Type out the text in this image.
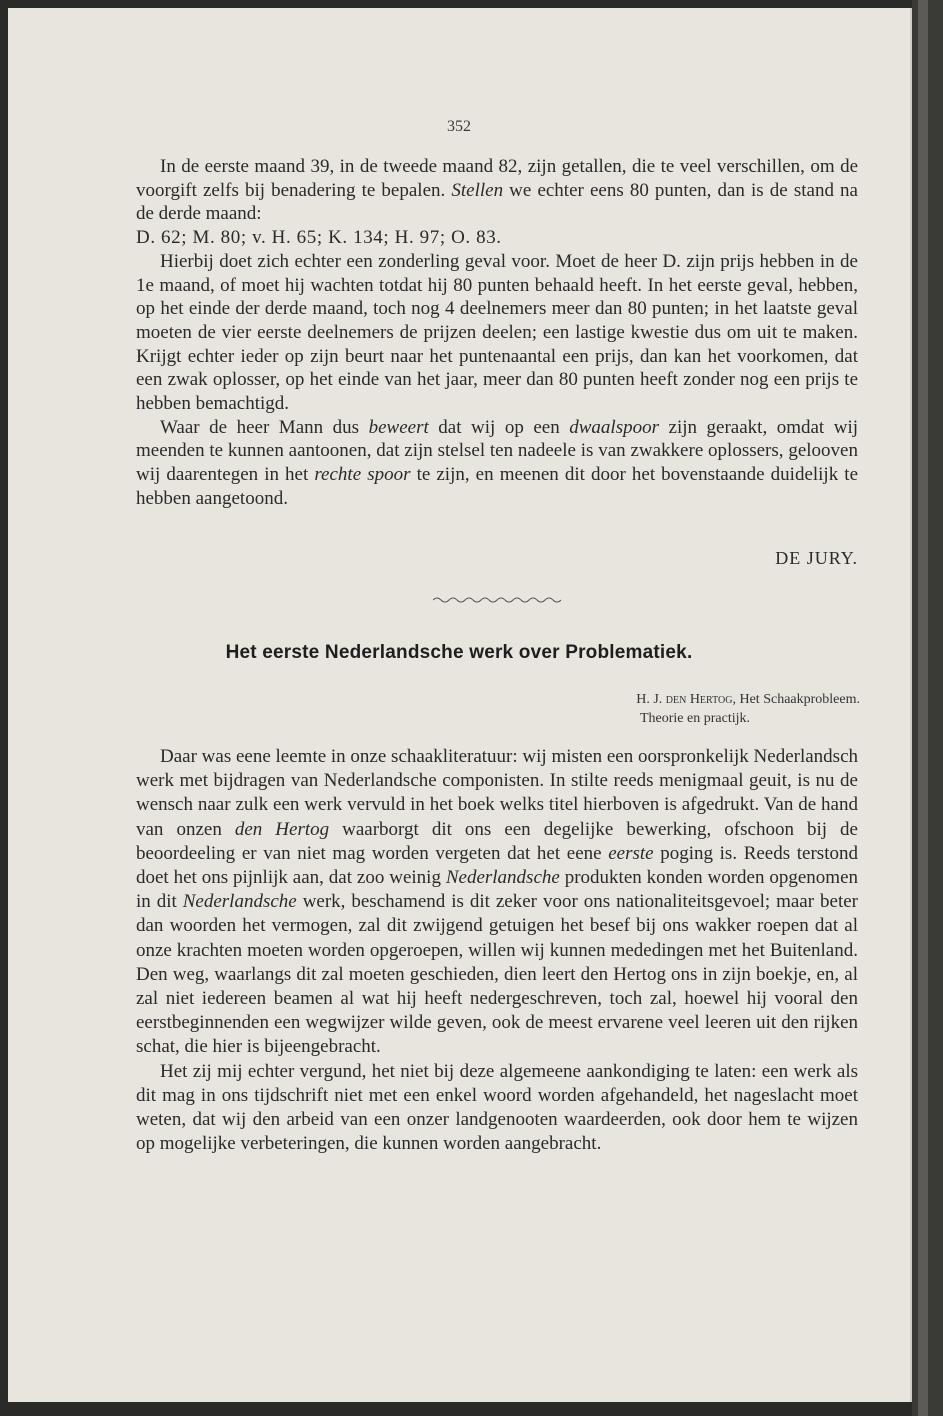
352

In de eerste maand 39, in de tweede maand 82, zijn getallen, die te veel verschillen, om de voorgift zelfs bij benadering te bepalen. Stellen we echter eens 80 punten, dan is de stand na de derde maand:

D. 62; M. 80; v. H. 65; K. 134; H. 97; O. 83.

Hierbij doet zich echter een zonderling geval voor. Moet de heer D. zijn prijs hebben in de 1e maand, of moet hij wachten totdat hij 80 punten behaald heeft. In het eerste geval, hebben, op het einde der derde maand, toch nog 4 deelnemers meer dan 80 punten; in het laatste geval moeten de vier eerste deelnemers de prijzen deelen; een lastige kwestie dus om uit te maken. Krijgt echter ieder op zijn beurt naar het puntenaantal een prijs, dan kan het voorkomen, dat een zwak oplosser, op het einde van het jaar, meer dan 80 punten heeft zonder nog een prijs te hebben bemachtigd.

Waar de heer Mann dus beweert dat wij op een dwaalspoor zijn geraakt, omdat wij meenden te kunnen aantoonen, dat zijn stelsel ten nadeele is van zwakkere oplossers, gelooven wij daarentegen in het rechte spoor te zijn, en meenen dit door het bovenstaande duidelijk te hebben aangetoond.

DE JURY.
Het eerste Nederlandsche werk over Problematiek.
H. J. den Hertog, Het Schaakprobleem.
Theorie en practijk.

Daar was eene leemte in onze schaakliteratuur: wij misten een oorspronkelijk Nederlandsch werk met bijdragen van Nederlandsche componisten. In stilte reeds menigmaal geuit, is nu de wensch naar zulk een werk vervuld in het boek welks titel hierboven is afgedrukt. Van de hand van onzen den Hertog waarborgt dit ons een degelijke bewerking, ofschoon bij de beoordeeling er van niet mag worden vergeten dat het eene eerste poging is. Reeds terstond doet het ons pijnlijk aan, dat zoo weinig Nederlandsche produkten konden worden opgenomen in dit Nederlandsche werk, beschamend is dit zeker voor ons nationaliteitsgevoel; maar beter dan woorden het vermogen, zal dit zwijgend getuigen het besef bij ons wakker roepen dat al onze krachten moeten worden opgeroepen, willen wij kunnen mededingen met het Buitenland. Den weg, waarlangs dit zal moeten geschieden, dien leert den Hertog ons in zijn boekje, en, al zal niet iedereen beamen al wat hij heeft nedergeschreven, toch zal, hoewel hij vooral den eerstbeginnenden een wegwijzer wilde geven, ook de meest ervarene veel leeren uit den rijken schat, die hier is bijeengebracht.

Het zij mij echter vergund, het niet bij deze algemeene aankondiging te laten: een werk als dit mag in ons tijdschrift niet met een enkel woord worden afgehandeld, het nageslacht moet weten, dat wij den arbeid van een onzer landgenooten waardeerden, ook door hem te wijzen op mogelijke verbeteringen, die kunnen worden aangebracht.
